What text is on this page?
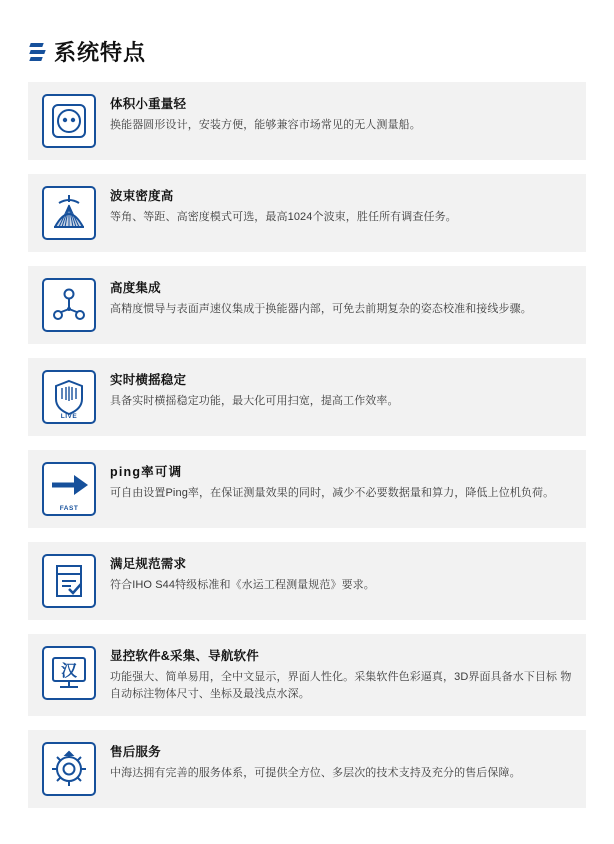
系统特点
体积小重量轻
换能器圆形设计，安装方便，能够兼容市场常见的无人测量船。
波束密度高
等角、等距、高密度模式可选，最高1024个波束，胜任所有调查任务。
高度集成
高精度惯导与表面声速仪集成于换能器内部，可免去前期复杂的姿态校准和接线步骤。
LIVE
实时横摇稳定
具备实时横摇稳定功能，最大化可用扫宽，提高工作效率。
FAST
ping率可调
可自由设置Ping率，在保证测量效果的同时，减少不必要数据量和算力，降低上位机负荷。
满足规范需求
符合IHO S44特级标准和《水运工程测量规范》要求。
汉
显控软件&采集、导航软件
功能强大、简单易用，全中文显示，界面人性化。采集软件色彩逼真，3D界面具备水下目标 物自动标注物体尺寸、坐标及最浅点水深。
售后服务
中海达拥有完善的服务体系，可提供全方位、多层次的技术支持及充分的售后保障。
